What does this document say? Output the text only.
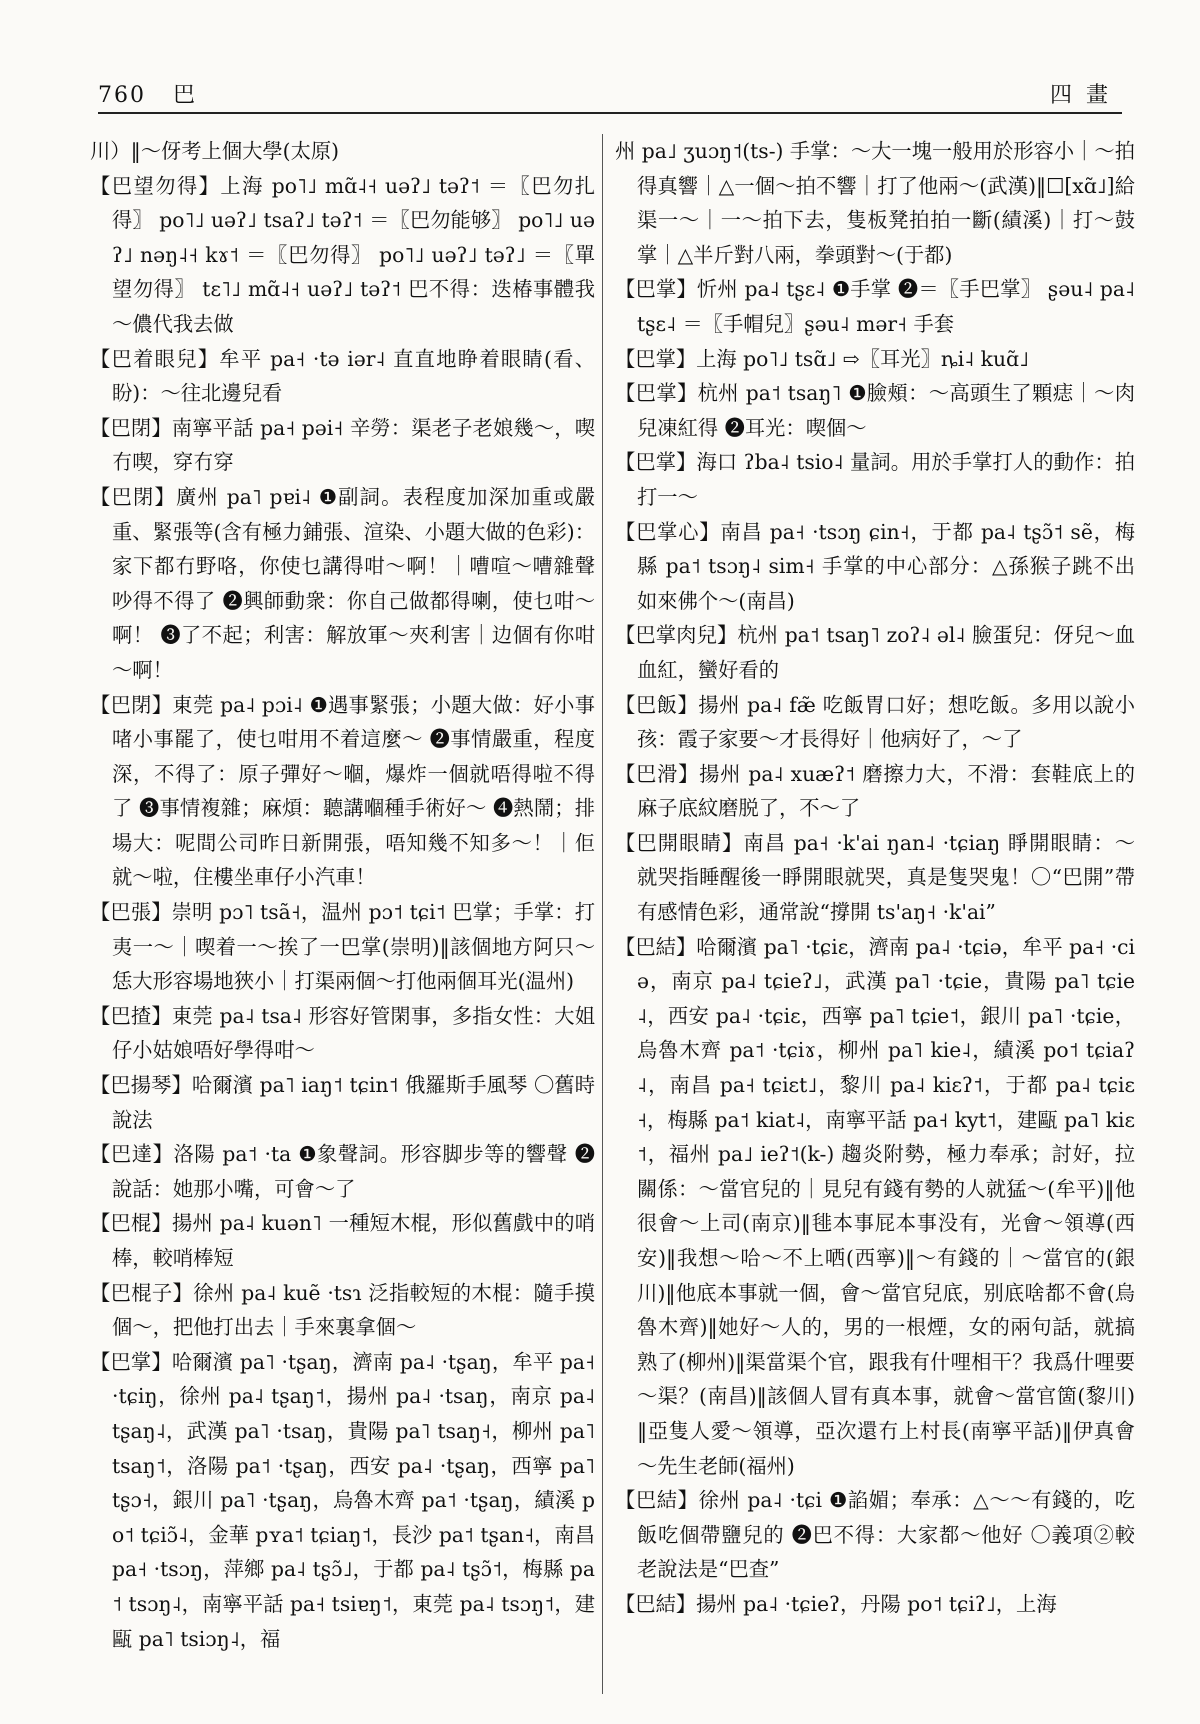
760 巴	四畫

川）‖～伢考上個大學(太原)

【巴望勿得】上海 po˥˩ mɑ̃˨˧ uəʔ˩ təʔ˦ ＝〖巴勿扎得〗 po˥˩ uəʔ˩ tsaʔ˩ təʔ˦ ＝〖巴勿能够〗 po˥˩ uəʔ˩ nəŋ˨˧ kɤ˦ ＝〖巴勿得〗 po˥˩ uəʔ˩ təʔ˩ ＝〖單望勿得〗 tɛ˥˩ mɑ̃˨˧ uəʔ˩ təʔ˦ 巴不得：迭椿事體我～儂代我去做

【巴着眼兒】牟平 pa˧ ·tə iər˨ 直直地睁着眼睛(看、盼)：～往北邊兒看

【巴閉】南寧平話 pa˧ pəi˧ 辛勞：渠老子老娘幾～，喫冇喫，穿冇穿

【巴閉】廣州 pa˥ pɐi˨ ❶副詞。表程度加深加重或嚴重、緊張等(含有極力鋪張、渲染、小題大做的色彩)：家下都冇野咯，你使乜講得咁～啊！｜嘈喧～嘈雜聲吵得不得了 ❷興師動衆：你自己做都得喇，使乜咁～啊！ ❸了不起；利害：解放軍～夾利害｜边個有你咁～啊！

【巴閉】東莞 pa˨ pɔi˨ ❶遇事緊張；小題大做：好小事啫小事罷了，使乜咁用不着這麼～ ❷事情嚴重，程度深，不得了：原子彈好～嗰，爆炸一個就唔得啦不得了 ❸事情複雜；麻煩：聽講嗰種手術好～ ❹熱鬧；排場大：呢間公司昨日新開張，唔知幾不知多～！｜佢就～啦，住樓坐車仔小汽車！

【巴張】崇明 pɔ˥ tsã˧，温州 pɔ˦ tɕi˦ 巴掌；手掌：打夷一～｜喫着一～挨了一巴掌(崇明)‖該個地方阿只～恁大形容場地狹小｜打渠兩個～打他兩個耳光(温州)

【巴揸】東莞 pa˨ tsa˨ 形容好管閑事，多指女性：大姐仔小姑娘唔好學得咁～

【巴揚琴】哈爾濱 pa˥ iaŋ˦ tɕin˦ 俄羅斯手風琴 〇舊時說法

【巴達】洛陽 pa˦ ·ta ❶象聲詞。形容脚步等的響聲 ❷說話：她那小嘴，可會～了

【巴棍】揚州 pa˨ kuən˥ 一種短木棍，形似舊戲中的哨棒，較哨棒短

【巴棍子】徐州 pa˨ kuẽ ·tsɿ 泛指較短的木棍：隨手摸個～，把他打出去｜手來裏拿個～

【巴掌】哈爾濱 pa˥ ·tʂaŋ，濟南 pa˨ ·tʂaŋ，牟平 pa˧ ·tɕiŋ，徐州 pa˨ tʂaŋ˦，揚州 pa˨ ·tsaŋ，南京 pa˨ tʂaŋ˨，武漢 pa˥ ·tsaŋ，貴陽 pa˥ tsaŋ˧，柳州 pa˥ tsaŋ˦，洛陽 pa˦ ·tʂaŋ，西安 pa˨ ·tʂaŋ，西寧 pa˥ tʂɔ˧，銀川 pa˥ ·tʂaŋ，烏魯木齊 pa˦ ·tʂaŋ，績溪 po˦ tɕiɔ̃˨，金華 pʏa˦ tɕiaŋ˦，長沙 pa˦ tʂan˧，南昌 pa˧ ·tsɔŋ，萍鄉 pa˨ tʂɔ̃˩，于都 pa˨ tʂɔ̃˦，梅縣 pa˦ tsɔŋ˨，南寧平話 pa˧ tsiɐŋ˦，東莞 pa˨ tsɔŋ˦，建甌 pa˥ tsiɔŋ˨，福

州 pa˩ ʒuɔŋ˦(ts-) 手掌：～大一塊一般用於形容小｜～拍得真響｜△一個～拍不響｜打了他兩～(武漢)‖☐[xɑ̃˩]給渠一～｜一～拍下去，隻板凳拍拍一斷(績溪)｜打～鼓掌｜△半斤對八兩，拳頭對～(于都)

【巴掌】忻州 pa˨ tʂɛ˨ ❶手掌 ❷＝〖手巴掌〗 ʂəu˨ pa˨ tʂɛ˨ ＝〖手帽兒〗ʂəu˨ mər˧ 手套

【巴掌】上海 po˥˩ tsɑ̃˩ ⇨〖耳光〗ȵi˨ kuɑ̃˩

【巴掌】杭州 pa˦ tsaŋ˥ ❶臉頰：～高頭生了顆痣｜～肉兒凍紅得 ❷耳光：喫個～

【巴掌】海口 ʔba˨ tsio˨ 量詞。用於手掌打人的動作：拍打一～

【巴掌心】南昌 pa˧ ·tsɔŋ ɕin˧，于都 pa˨ tʂɔ̃˦ sẽ，梅縣 pa˦ tsɔŋ˨ sim˧ 手掌的中心部分：△孫猴子跳不出如來佛个～(南昌)

【巴掌肉兒】杭州 pa˦ tsaŋ˥ zoʔ˨ əl˨ 臉蛋兒：伢兒～血血紅，蠻好看的

【巴飯】揚州 pa˨ fæ̃ 吃飯胃口好；想吃飯。多用以說小孩：霞子家要～才長得好｜他病好了，～了

【巴滑】揚州 pa˨ xuæʔ˦ 磨擦力大，不滑：套鞋底上的麻子底紋磨脱了，不～了

【巴開眼睛】南昌 pa˧ ·k'ai ŋan˨ ·tɕiaŋ 睜開眼睛：～就哭指睡醒後一睜開眼就哭，真是隻哭鬼！〇“巴開”帶有感情色彩，通常說“撐開 ts'aŋ˧ ·k'ai”

【巴結】哈爾濱 pa˥ ·tɕiɛ，濟南 pa˨ ·tɕiə，牟平 pa˧ ·ciə，南京 pa˨ tɕieʔ˩，武漢 pa˥ ·tɕie，貴陽 pa˥ tɕie˨，西安 pa˨ ·tɕiɛ，西寧 pa˥ tɕie˦，銀川 pa˥ ·tɕie，烏魯木齊 pa˦ ·tɕiɤ，柳州 pa˥ kie˨，績溪 po˦ tɕiaʔ˨，南昌 pa˧ tɕiɛt˩，黎川 pa˨ kiɛʔ˦，于都 pa˨ tɕiɛ˧，梅縣 pa˦ kiat˨，南寧平話 pa˧ kyt˦，建甌 pa˥ kiɛ˦，福州 pa˩ ieʔ˦(k-) 趨炎附勢，極力奉承；討好，拉關係：～當官兒的｜見兒有錢有勢的人就猛～(牟平)‖他很會～上司(南京)‖毴本事屁本事没有，光會～領導(西安)‖我想～哈～不上哂(西寧)‖～有錢的｜～當官的(銀川)‖他底本事就一個，會～當官兒底，别底啥都不會(烏魯木齊)‖她好～人的，男的一根煙，女的兩句話，就搞熟了(柳州)‖渠當渠个官，跟我有什哩相干？我爲什哩要～渠？(南昌)‖該個人冒有真本事，就會～當官箇(黎川)‖亞隻人愛～領導，亞次還冇上村長(南寧平話)‖伊真會～先生老師(福州)

【巴結】徐州 pa˨ ·tɕi ❶諂媚；奉承：△～～有錢的，吃飯吃個帶鹽兒的 ❷巴不得：大家都～他好 〇義項②較老說法是“巴查”

【巴結】揚州 pa˨ ·tɕieʔ，丹陽 po˦ tɕiʔ˩，上海
